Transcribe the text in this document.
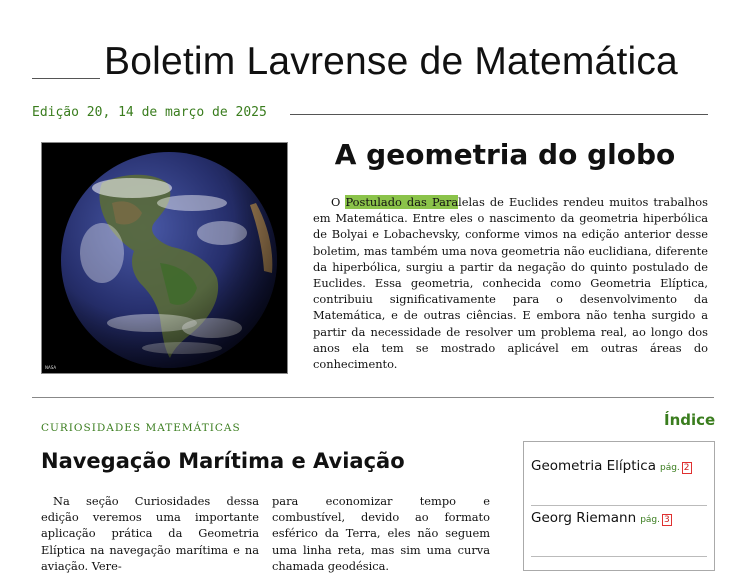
Boletim Lavrense de Matemática
Edição 20, 14 de março de 2025
NASA
A geometria do globo

O Postulado das Paralelas de Euclides rendeu muitos trabalhos em Matemática. Entre eles o nascimento da geometria hiperbólica de Bolyai e Lobachevsky, conforme vimos na edição anterior desse boletim, mas também uma nova geometria não euclidiana, diferente da hiperbólica, surgiu a partir da negação do quinto postulado de Euclides. Essa geometria, conhecida como Geometria Elíptica, contribuiu significativamente para o desenvolvimento da Matemática, e de outras ciências. E embora não tenha surgido a partir da necessidade de resolver um problema real, ao longo dos anos ela tem se mostrado aplicável em outras áreas do conhecimento.

CURIOSIDADES MATEMÁTICAS
Navegação Marítima e Aviação

Na seção Curiosidades dessa edição veremos uma importante aplicação prática da Geometria Elíptica na navegação marítima e na aviação. Vere-

para economizar tempo e combustível, devido ao formato esférico da Terra, eles não seguem uma linha reta, mas sim uma curva chamada geodésica.

Índice
Geometria Elíptica pág. 2
Georg Riemann pág. 3
